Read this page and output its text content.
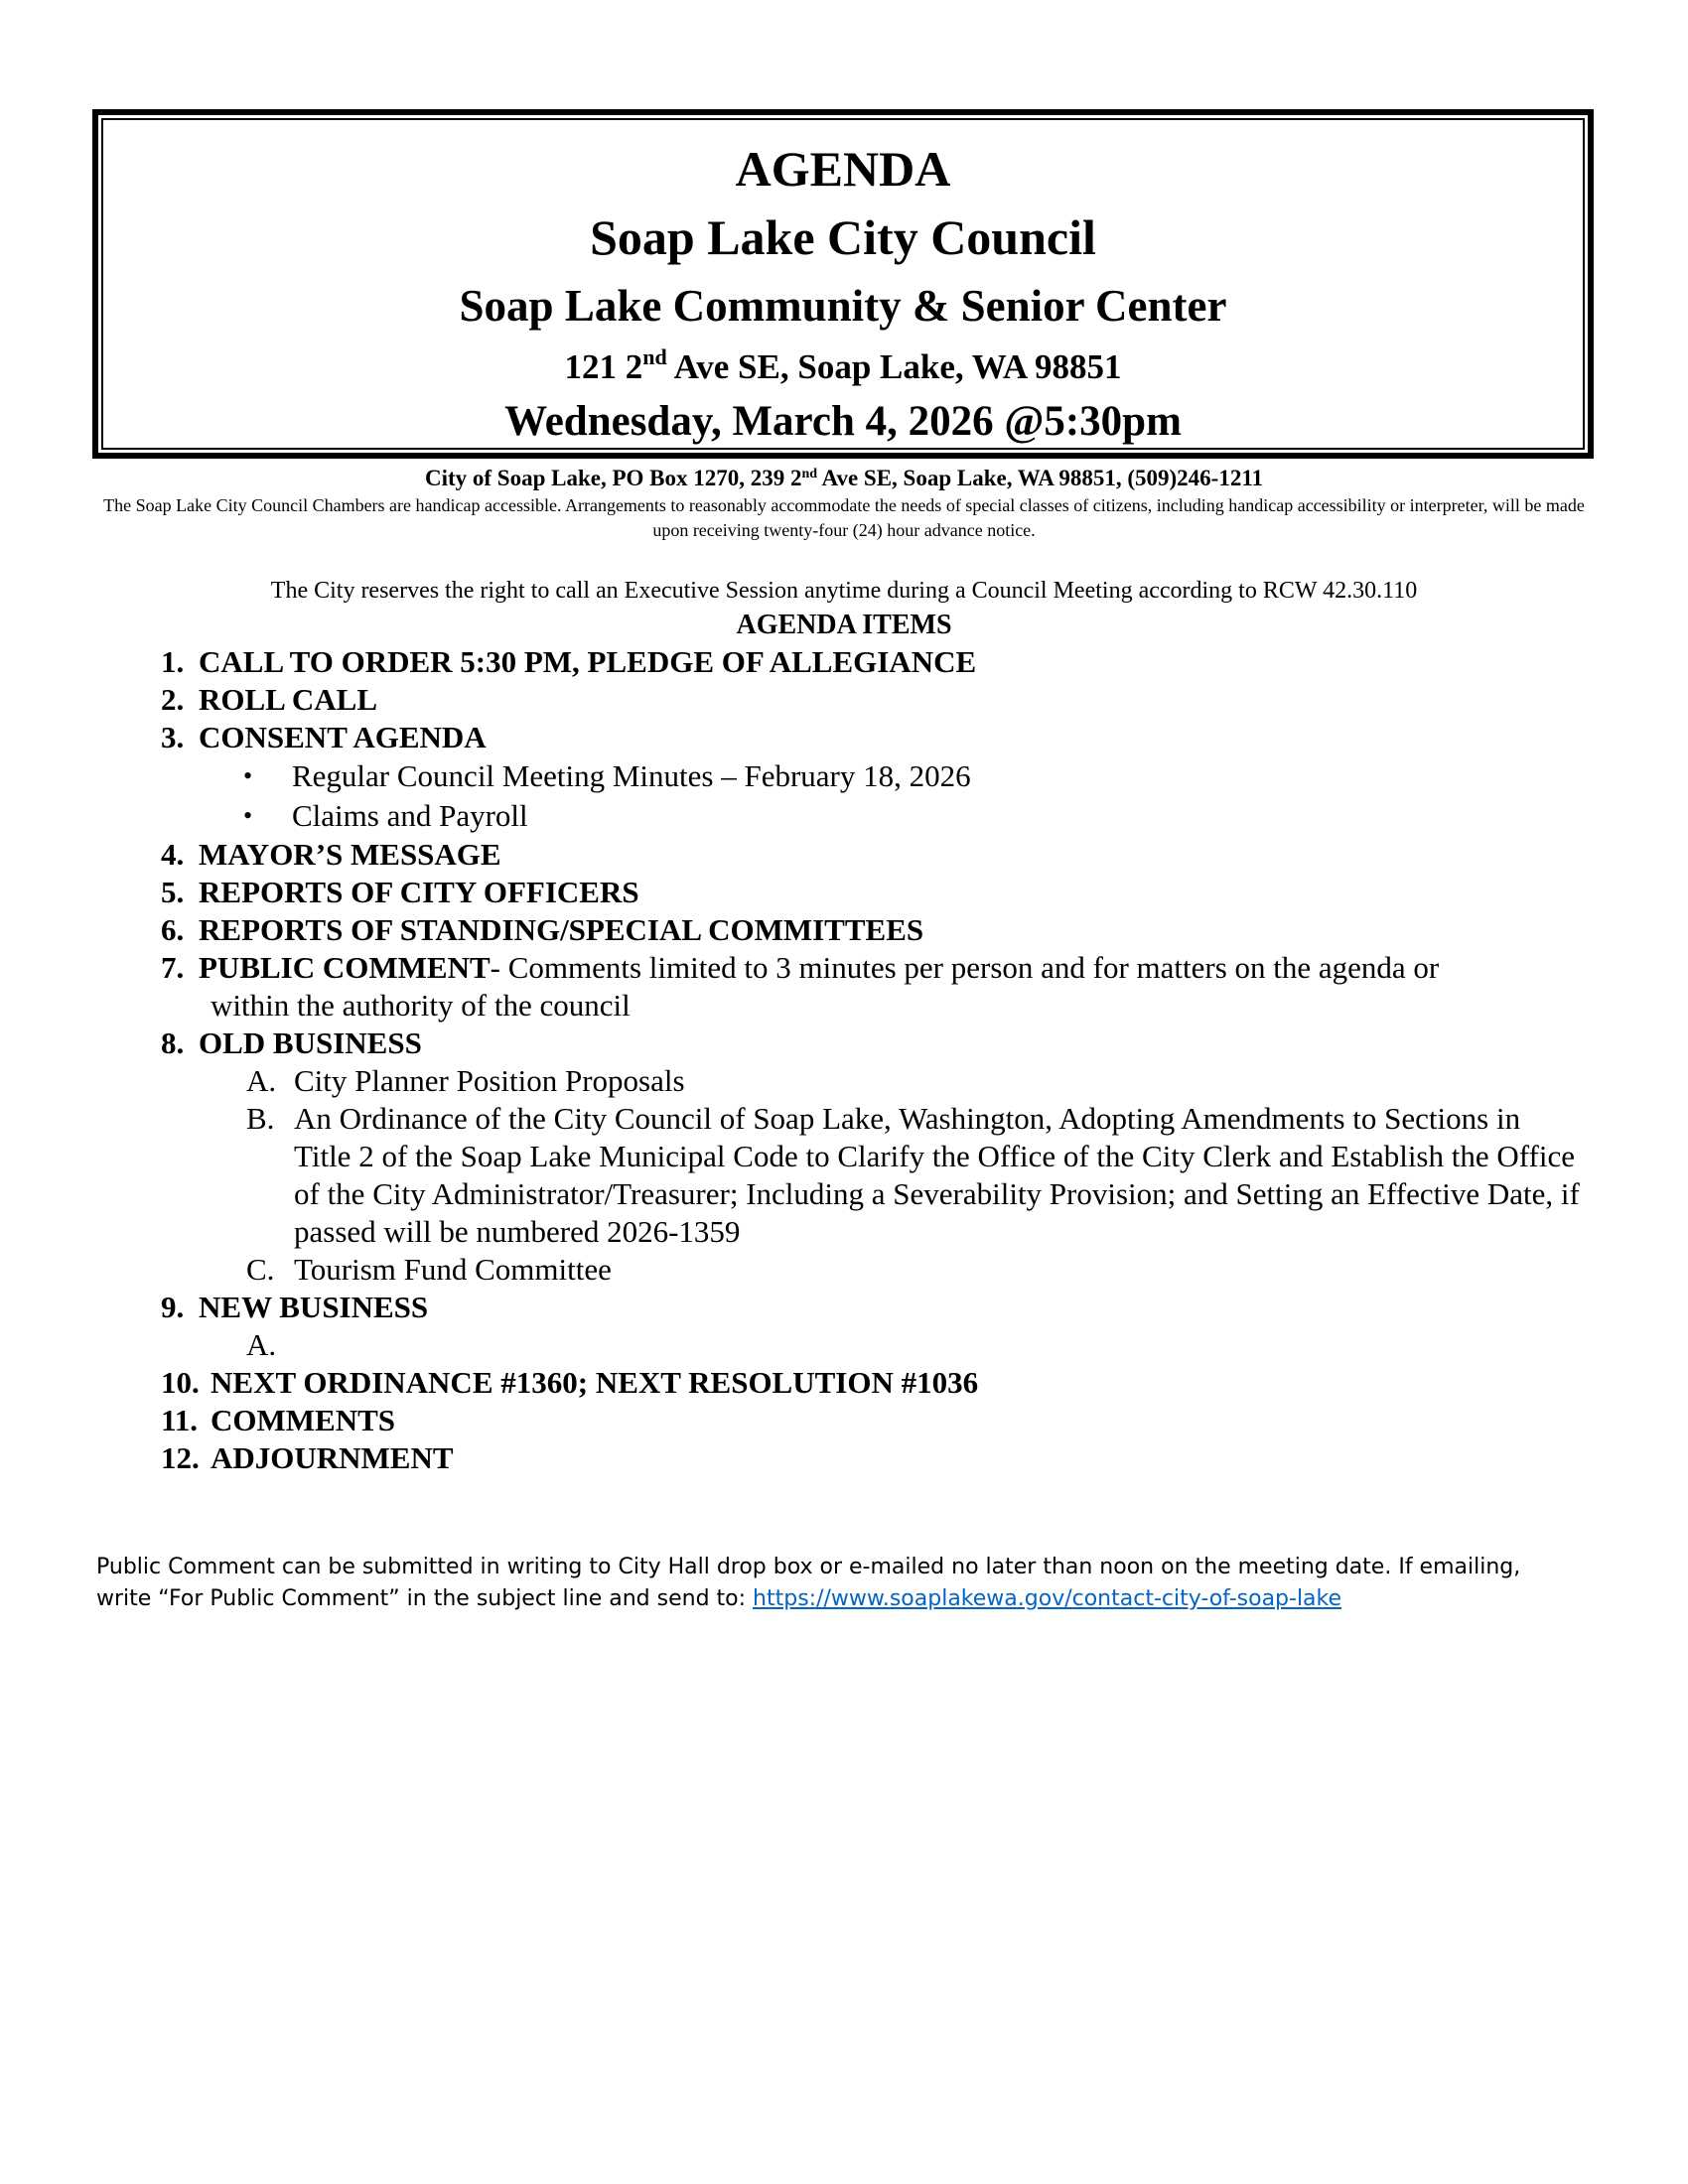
AGENDA
Soap Lake City Council
Soap Lake Community & Senior Center
121 2nd Ave SE, Soap Lake, WA 98851
Wednesday, March 4, 2026 @5:30pm
City of Soap Lake, PO Box 1270, 239 2nd Ave SE, Soap Lake, WA 98851, (509)246-1211
The Soap Lake City Council Chambers are handicap accessible. Arrangements to reasonably accommodate the needs of special classes of citizens, including handicap accessibility or interpreter, will be made upon receiving twenty-four (24) hour advance notice.
The City reserves the right to call an Executive Session anytime during a Council Meeting according to RCW 42.30.110
AGENDA ITEMS
1. CALL TO ORDER 5:30 PM, PLEDGE OF ALLEGIANCE
2. ROLL CALL
3. CONSENT AGENDA
• Regular Council Meeting Minutes – February 18, 2026
• Claims and Payroll
4. MAYOR’S MESSAGE
5. REPORTS OF CITY OFFICERS
6. REPORTS OF STANDING/SPECIAL COMMITTEES
7. PUBLIC COMMENT- Comments limited to 3 minutes per person and for matters on the agenda or
within the authority of the council
8. OLD BUSINESS
A. City Planner Position Proposals
B. An Ordinance of the City Council of Soap Lake, Washington, Adopting Amendments to Sections in Title 2 of the Soap Lake Municipal Code to Clarify the Office of the City Clerk and Establish the Office of the City Administrator/Treasurer; Including a Severability Provision; and Setting an Effective Date, if passed will be numbered 2026-1359
C. Tourism Fund Committee
9. NEW BUSINESS
A.

10. NEXT ORDINANCE #1360; NEXT RESOLUTION #1036
11. COMMENTS
12. ADJOURNMENT
Public Comment can be submitted in writing to City Hall drop box or e-mailed no later than noon on the meeting date. If emailing,
write “For Public Comment” in the subject line and send to: https://www.soaplakewa.gov/contact-city-of-soap-lake
